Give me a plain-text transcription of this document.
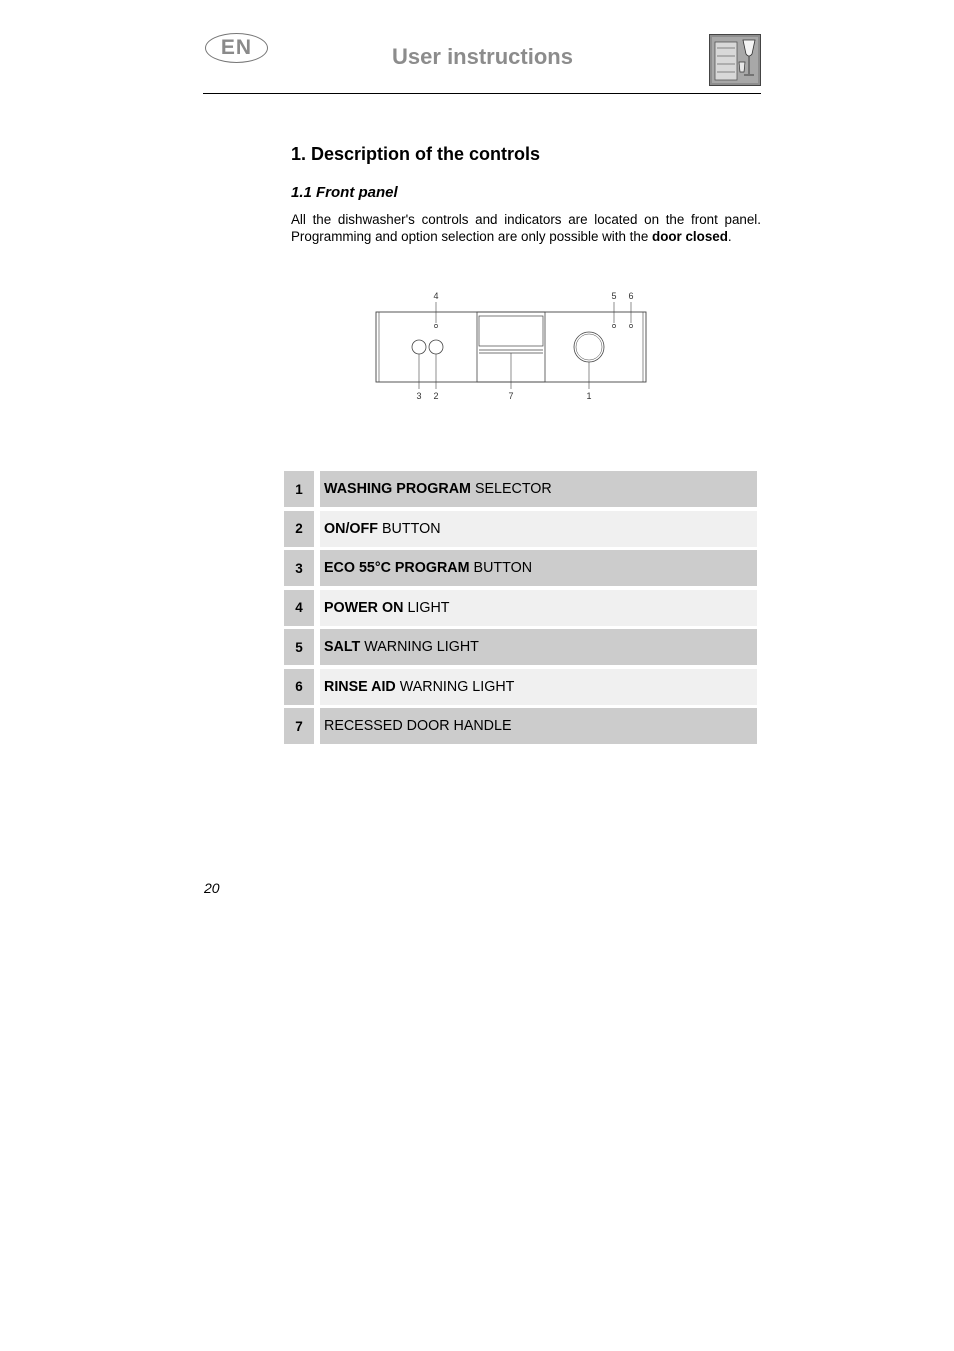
EN	User instructions
1. Description of the controls
1.1 Front panel

All the dishwasher's controls and indicators are located on the front panel. Programming and option selection are only possible with the door closed.

4	5 6
3 2	7	1
1	WASHING PROGRAM SELECTOR
2	ON/OFF BUTTON
3	ECO 55°C PROGRAM BUTTON
4	POWER ON LIGHT
5	SALT WARNING LIGHT
6	RINSE AID WARNING LIGHT
7	RECESSED DOOR HANDLE
20
